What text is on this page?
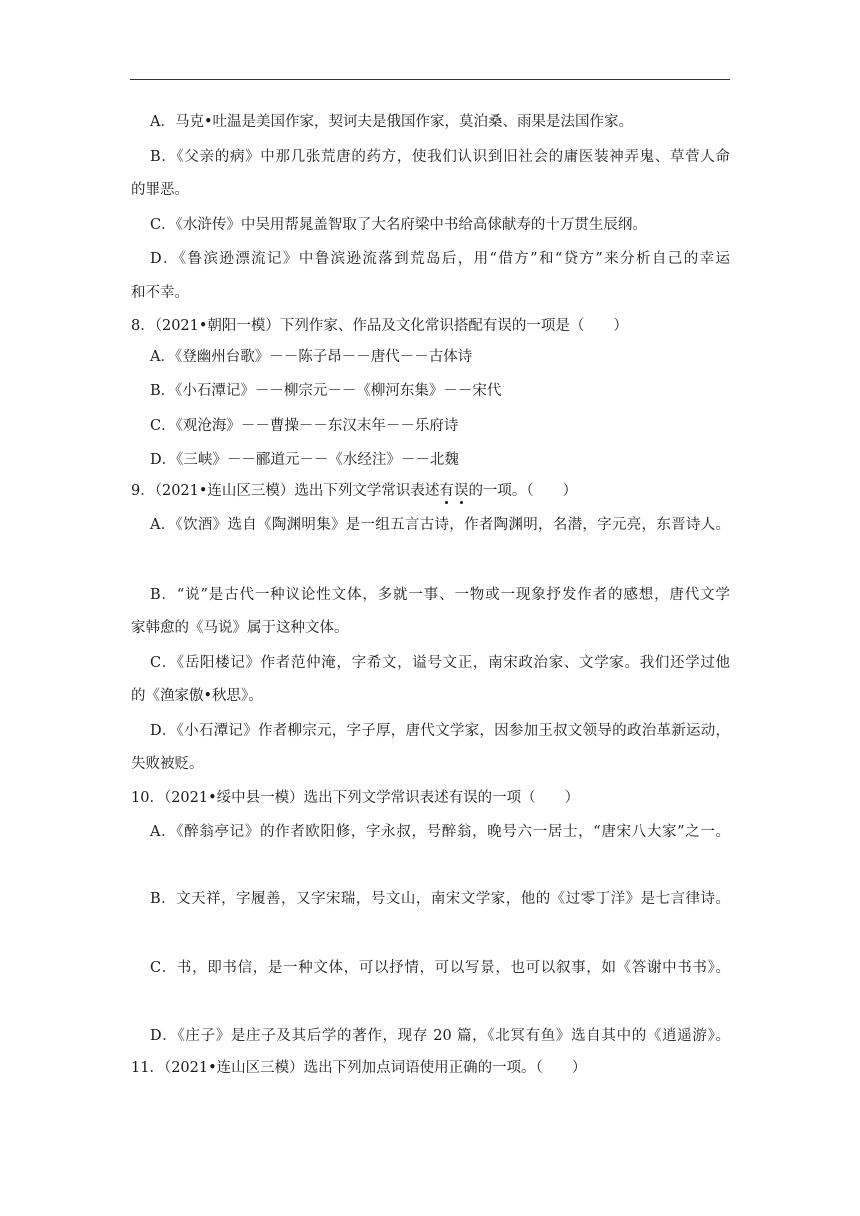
A．马克•吐温是美国作家，契诃夫是俄国作家，莫泊桑、雨果是法国作家。
B．《父亲的病》中那几张荒唐的药方，使我们认识到旧社会的庸医装神弄鬼、草菅人命
的罪恶。
C．《水浒传》中吴用帮晁盖智取了大名府梁中书给高俅献寿的十万贯生辰纲。
D．《鲁滨逊漂流记》中鲁滨逊流落到荒岛后，用“借方”和“贷方”来分析自己的幸运
和不幸。
8．（2021•朝阳一模）下列作家、作品及文化常识搭配有误的一项是（　　）
A．《登幽州台歌》－－陈子昂－－唐代－－古体诗
B．《小石潭记》－－柳宗元－－《柳河东集》－－宋代
C．《观沧海》－－曹操－－东汉末年－－乐府诗
D．《三峡》－－郦道元－－《水经注》－－北魏
9．（2021•连山区三模）选出下列文学常识表述有误的一项。（　　）
A．《饮酒》选自《陶渊明集》是一组五言古诗，作者陶渊明，名潜，字元亮，东晋诗人。
B．“说”是古代一种议论性文体，多就一事、一物或一现象抒发作者的感想，唐代文学
家韩愈的《马说》属于这种文体。
C．《岳阳楼记》作者范仲淹，字希文，谥号文正，南宋政治家、文学家。我们还学过他
的《渔家傲•秋思》。
D．《小石潭记》作者柳宗元，字子厚，唐代文学家，因参加王叔文领导的政治革新运动，
失败被贬。
10．（2021•绥中县一模）选出下列文学常识表述有误的一项（　　）
A．《醉翁亭记》的作者欧阳修，字永叔，号醉翁，晚号六一居士，“唐宋八大家”之一。
B．文天祥，字履善，又字宋瑞，号文山，南宋文学家，他的《过零丁洋》是七言律诗。
C．书，即书信，是一种文体，可以抒情，可以写景，也可以叙事，如《答谢中书书》。
D．《庄子》是庄子及其后学的著作，现存 20 篇，《北冥有鱼》选自其中的《逍遥游》。
11．（2021•连山区三模）选出下列加点词语使用正确的一项。（　　）
